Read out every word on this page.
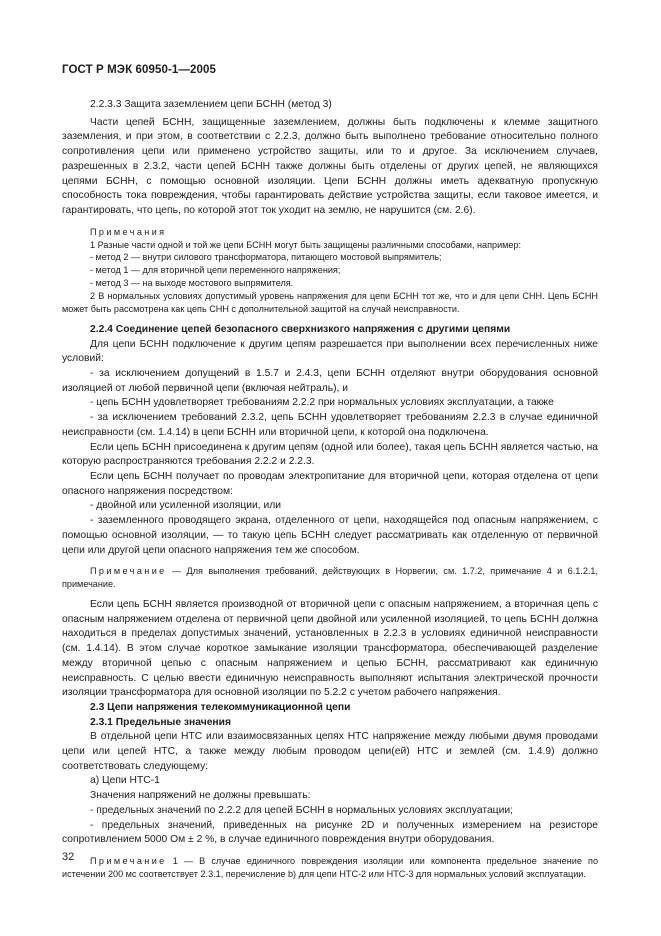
ГОСТ Р МЭК 60950-1—2005

2.2.3.3 Защита заземлением цепи БСНН (метод 3)

Части цепей БСНН, защищенные заземлением, должны быть подключены к клемме защитного заземления, и при этом, в соответствии с 2.2.3, должно быть выполнено требование относительно полного сопротивления цепи или применено устройство защиты, или то и другое. За исключением случаев, разрешенных в 2.3.2, части цепей БСНН также должны быть отделены от других цепей, не являющихся цепями БСНН, с помощью основной изоляции. Цепи БСНН должны иметь адекватную пропускную способность тока повреждения, чтобы гарантировать действие устройства защиты, если таковое имеется, и гарантировать, что цепь, по которой этот ток уходит на землю, не нарушится (см. 2.6).

Примечания

1 Разные части одной и той же цепи БСНН могут быть защищены различными способами, например:

- метод 2 — внутри силового трансформатора, питающего мостовой выпрямитель;

- метод 1 — для вторичной цепи переменного напряжения;

- метод 3 — на выходе мостового выпрямителя.

2 В нормальных условиях допустимый уровень напряжения для цепи БСНН тот же, что и для цепи СНН. Цепь БСНН может быть рассмотрена как цепь СНН с дополнительной защитой на случай неисправности.

2.2.4 Соединение цепей безопасного сверхнизкого напряжения с другими цепями

Для цепи БСНН подключение к другим цепям разрешается при выполнении всех перечисленных ниже условий:

- за исключением допущений в 1.5.7 и 2.4.3, цепи БСНН отделяют внутри оборудования основной изоляцией от любой первичной цепи (включая нейтраль), и

- цепь БСНН удовлетворяет требованиям 2.2.2 при нормальных условиях эксплуатации, а также

- за исключением требований 2.3.2, цепь БСНН удовлетворяет требованиям 2.2.3 в случае единичной неисправности (см. 1.4.14) в цепи БСНН или вторичной цепи, к которой она подключена.

Если цепь БСНН присоединена к другим цепям (одной или более), такая цепь БСНН является частью, на которую распространяются требования 2.2.2 и 2.2.3.

Если цепь БСНН получает по проводам электропитание для вторичной цепи, которая отделена от цепи опасного напряжения посредством:

- двойной или усиленной изоляции, или

- заземленного проводящего экрана, отделенного от цепи, находящейся под опасным напряжением, с помощью основной изоляции, — то такую цепь БСНН следует рассматривать как отделенную от первичной цепи или другой цепи опасного напряжения тем же способом.

Примечание — Для выполнения требований, действующих в Норвегии, см. 1.7.2, примечание 4 и 6.1.2.1, примечание.

Если цепь БСНН является производной от вторичной цепи с опасным напряжением, а вторичная цепь с опасным напряжением отделена от первичной цепи двойной или усиленной изоляцией, то цепь БСНН должна находиться в пределах допустимых значений, установленных в 2.2.3 в условиях единичной неисправности (см. 1.4.14). В этом случае короткое замыкание изоляции трансформатора, обеспечивающей разделение между вторичной цепью с опасным напряжением и цепью БСНН, рассматривают как единичную неисправность. С целью ввести единичную неисправность выполняют испытания электрической прочности изоляции трансформатора для основной изоляции по 5.2.2 с учетом рабочего напряжения.

2.3 Цепи напряжения телекоммуникационной цепи

2.3.1 Предельные значения

В отдельной цепи НТС или взаимосвязанных цепях НТС напряжение между любыми двумя проводами цепи или цепей НТС, а также между любым проводом цепи(ей) НТС и землей (см. 1.4.9) должно соответствовать следующему:

а) Цепи НТС-1

Значения напряжений не должны превышать:

- предельных значений по 2.2.2 для цепей БСНН в нормальных условиях эксплуатации;

- предельных значений, приведенных на рисунке 2D и полученных измерением на резисторе сопротивлением 5000 Ом ± 2 %, в случае единичного повреждения внутри оборудования.

Примечание 1 — В случае единичного повреждения изоляции или компонента предельное значение по истечении 200 мс соответствует 2.3.1, перечисление b) для цепи НТС-2 или НТС-3 для нормальных условий эксплуатации.

32
